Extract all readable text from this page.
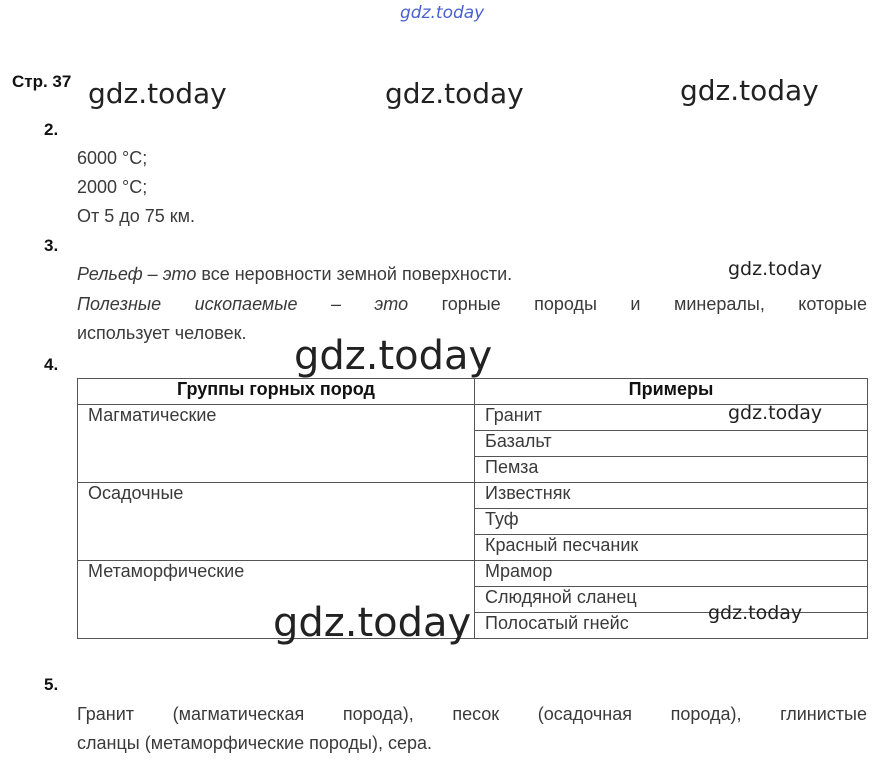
gdz.today
Стр. 37 gdz.today	gdz.today	gdz.today
2.
6000 °С;
2000 °С;
От 5 до 75 км.
3.
Рельеф – это все неровности земной поверхности.	gdz.today
Полезные ископаемые – это горные породы и минералы, которые
использует человек. gdz.today
4.
Группы горных пород	Примеры
Магматические	Гранит
	Базальт
	Пемза
Осадочные	Известняк
	Туф
	Красный песчаник
Метаморфические	Мрамор
	Слюдяной сланец
	Полосатый гнейс
gdz.today
gdz.today
gdz.today
5.
Гранит (магматическая порода), песок (осадочная порода), глинистые
сланцы (метаморфические породы), сера.
